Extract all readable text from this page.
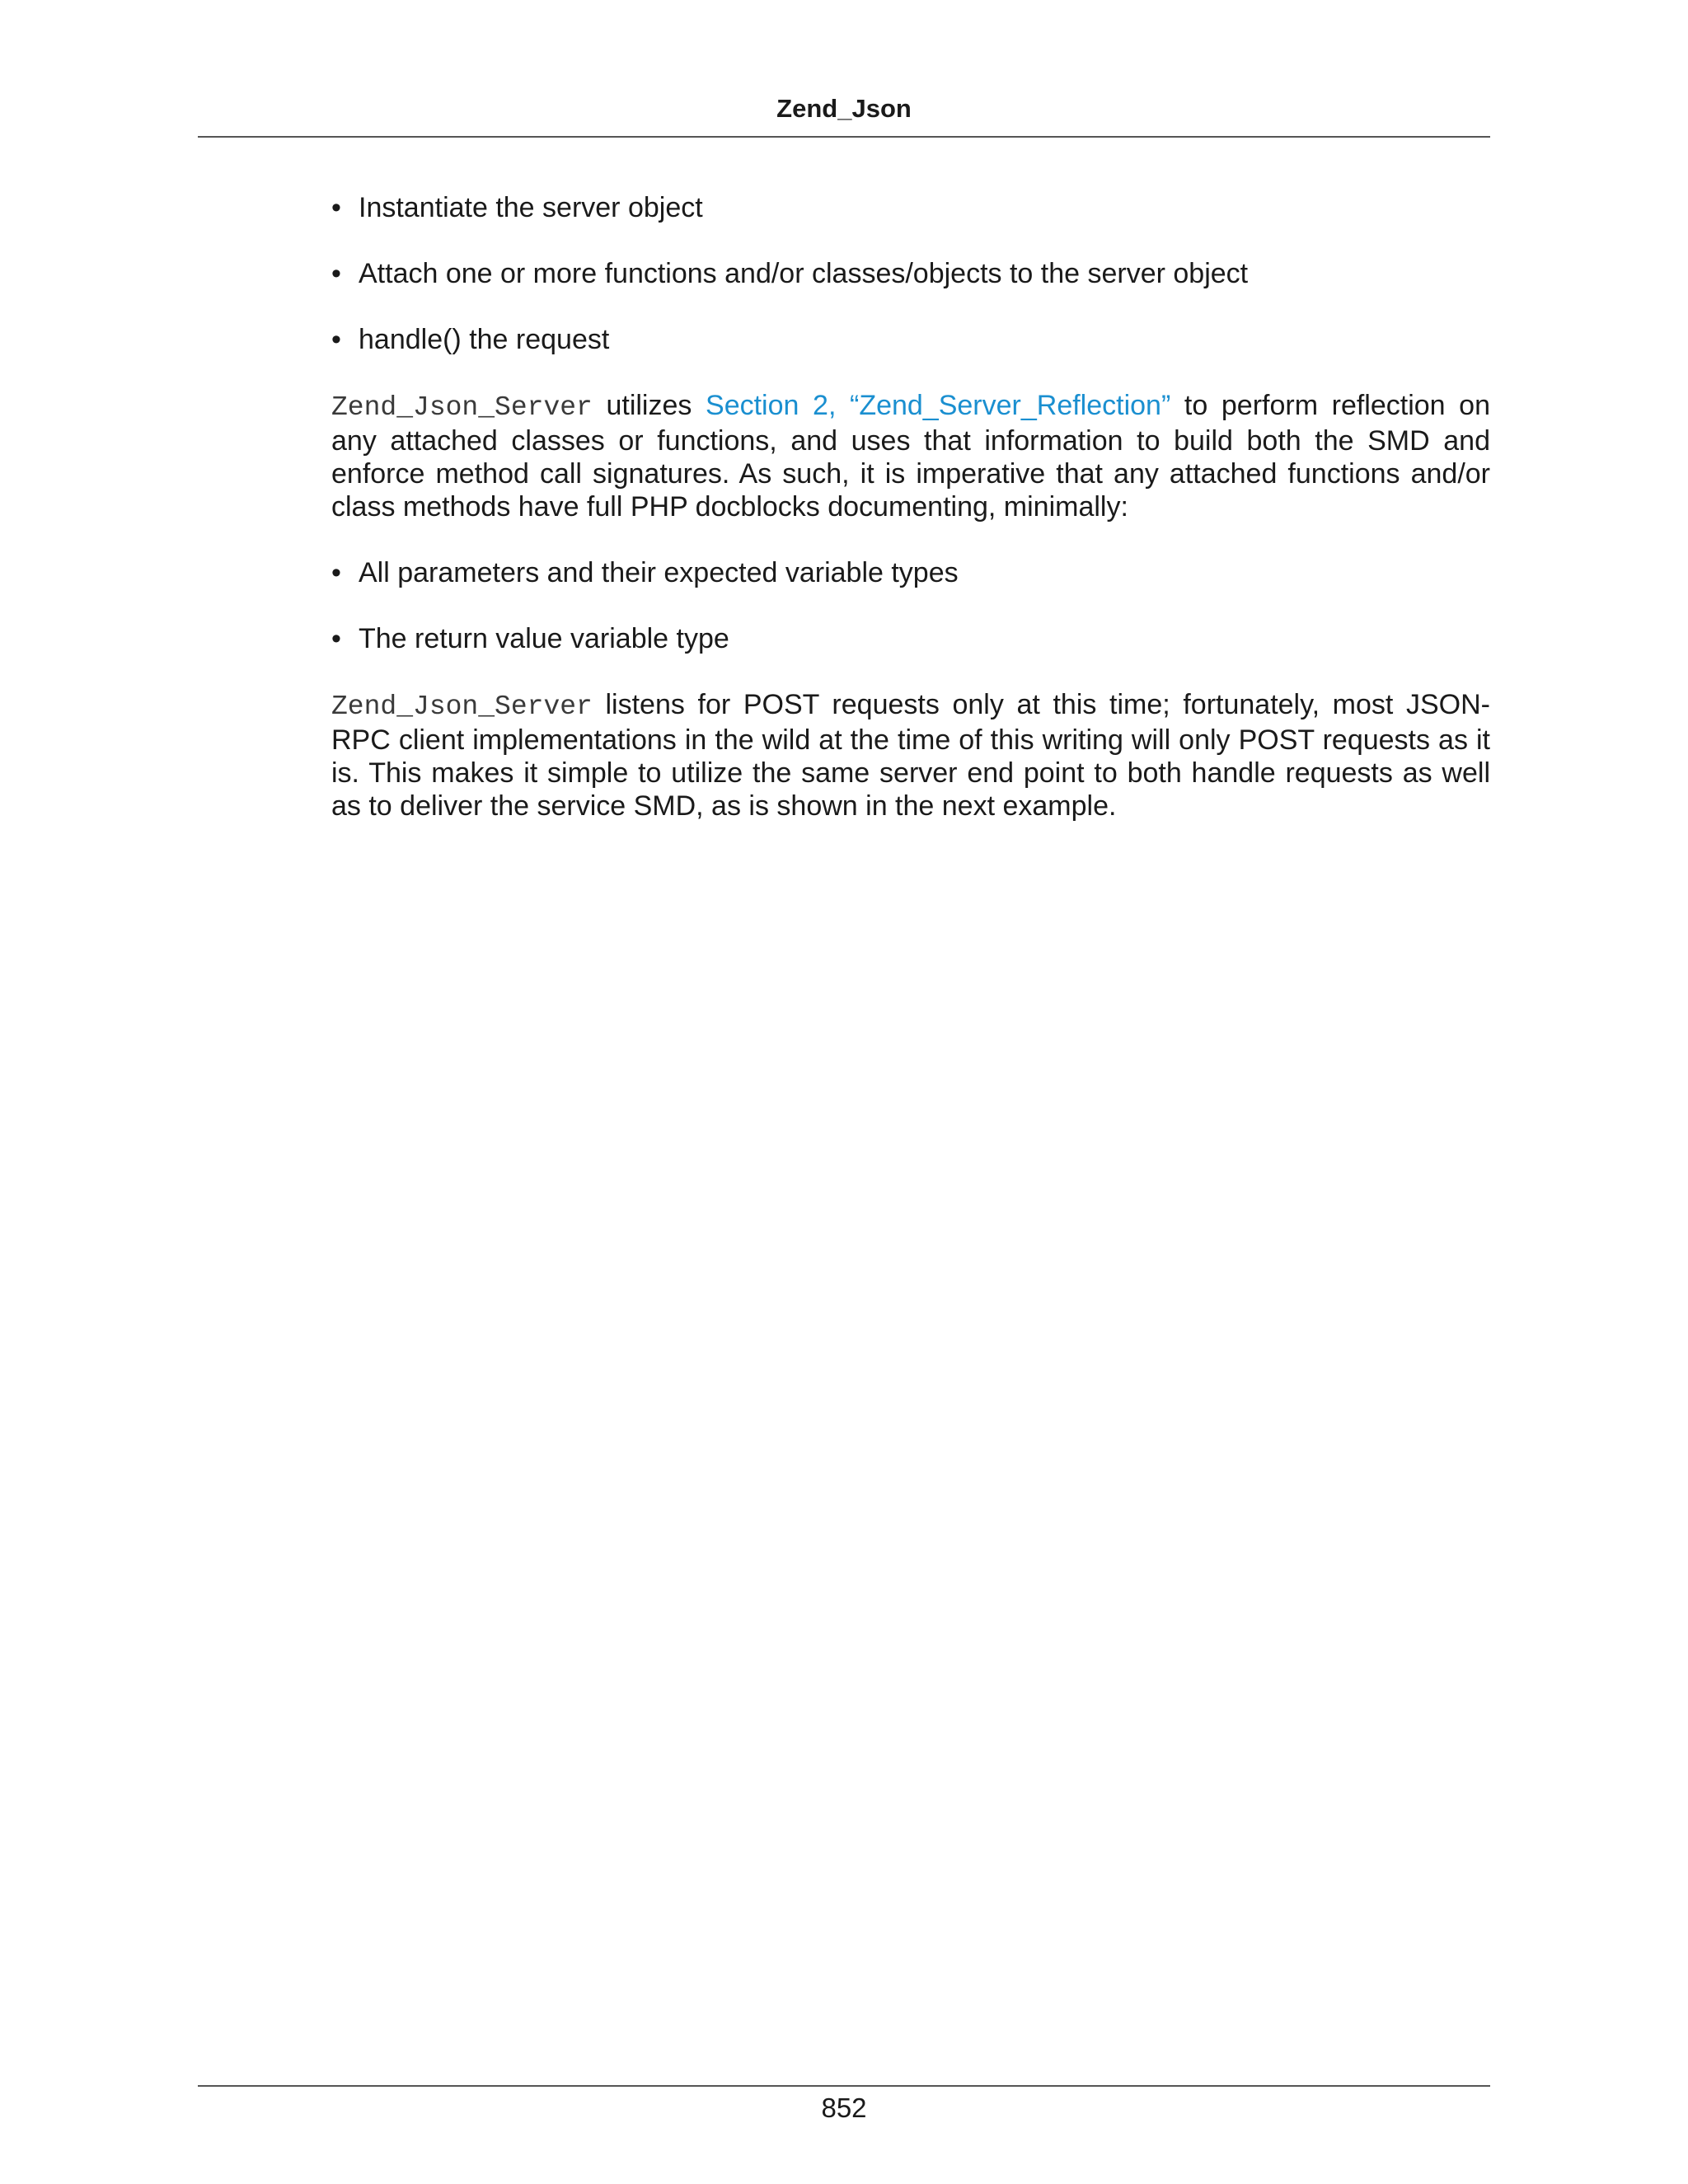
Zend_Json
• Instantiate the server object
• Attach one or more functions and/or classes/objects to the server object
• handle() the request

Zend_Json_Server utilizes Section 2, “Zend_Server_Reflection” to perform reflection on any attached classes or functions, and uses that information to build both the SMD and enforce method call signatures. As such, it is imperative that any attached functions and/or class methods have full PHP docblocks documenting, minimally:

• All parameters and their expected variable types
• The return value variable type

Zend_Json_Server listens for POST requests only at this time; fortunately, most JSON-RPC client implementations in the wild at the time of this writing will only POST requests as it is. This makes it simple to utilize the same server end point to both handle requests as well as to deliver the service SMD, as is shown in the next example.

852
